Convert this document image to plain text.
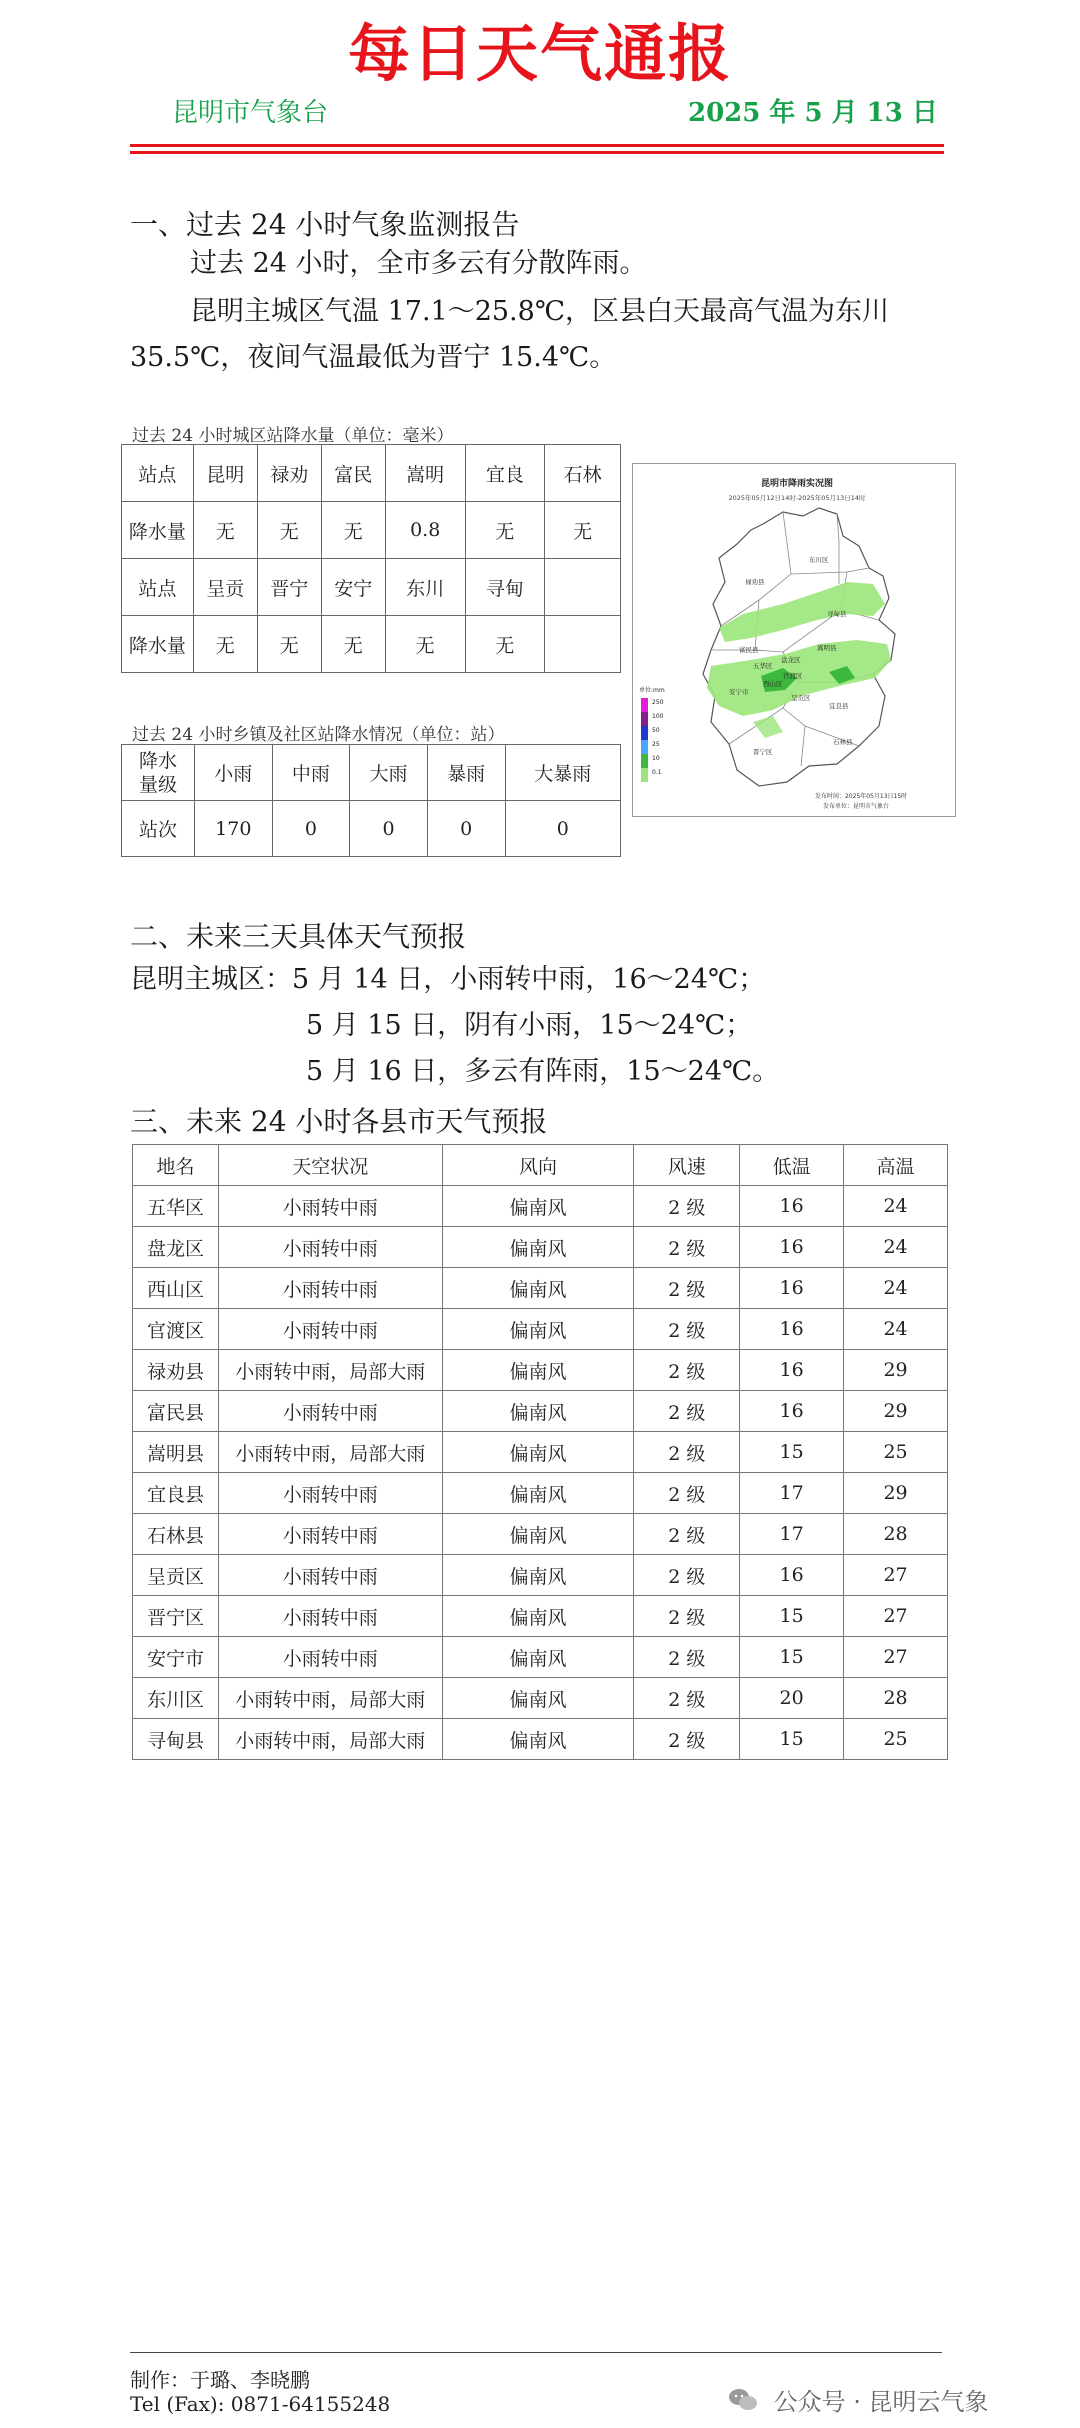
每日天气通报
昆明市气象台	2025 年 5 月 13 日
一、过去 24 小时气象监测报告
过去 24 小时，全市多云有分散阵雨。
昆明主城区气温 17.1～25.8℃，区县白天最高气温为东川
35.5℃，夜间气温最低为晋宁 15.4℃。
过去 24 小时城区站降水量（单位：毫米）
站点	昆明	禄劝	富民	嵩明	宜良	石林
降水量	无	无	无	0.8	无	无
站点	呈贡	晋宁	安宁	东川	寻甸	
降水量	无	无	无	无	无	
过去 24 小时乡镇及社区站降水情况（单位：站）
降水量级	小雨	中雨	大雨	暴雨	大暴雨
站次	170	0	0	0	0
昆明市降雨实况图
2025年05月12日14时-2025年05月13日14时
东川区
禄劝县
寻甸县
嵩明县
富民县
盘龙区
五华区
官渡区
西山区
宜良县
呈贡区
安宁市
晋宁区
石林县
单位:mm
250
100
50
25
10
0.1
发布时间：2025年05月13日15时
发布单位：昆明市气象台
二、未来三天具体天气预报
昆明主城区：5 月 14 日，小雨转中雨，16～24℃；
5 月 15 日，阴有小雨，15～24℃；
5 月 16 日，多云有阵雨，15～24℃。
三、未来 24 小时各县市天气预报
地名	天空状况	风向	风速	低温	高温
五华区	小雨转中雨	偏南风	2 级	16	24
盘龙区	小雨转中雨	偏南风	2 级	16	24
西山区	小雨转中雨	偏南风	2 级	16	24
官渡区	小雨转中雨	偏南风	2 级	16	24
禄劝县	小雨转中雨，局部大雨	偏南风	2 级	16	29
富民县	小雨转中雨	偏南风	2 级	16	29
嵩明县	小雨转中雨，局部大雨	偏南风	2 级	15	25
宜良县	小雨转中雨	偏南风	2 级	17	29
石林县	小雨转中雨	偏南风	2 级	17	28
呈贡区	小雨转中雨	偏南风	2 级	16	27
晋宁区	小雨转中雨	偏南风	2 级	15	27
安宁市	小雨转中雨	偏南风	2 级	15	27
东川区	小雨转中雨，局部大雨	偏南风	2 级	20	28
寻甸县	小雨转中雨，局部大雨	偏南风	2 级	15	25
制作：于璐、李晓鹏
Tel (Fax): 0871-64155248	公众号 · 昆明云气象
